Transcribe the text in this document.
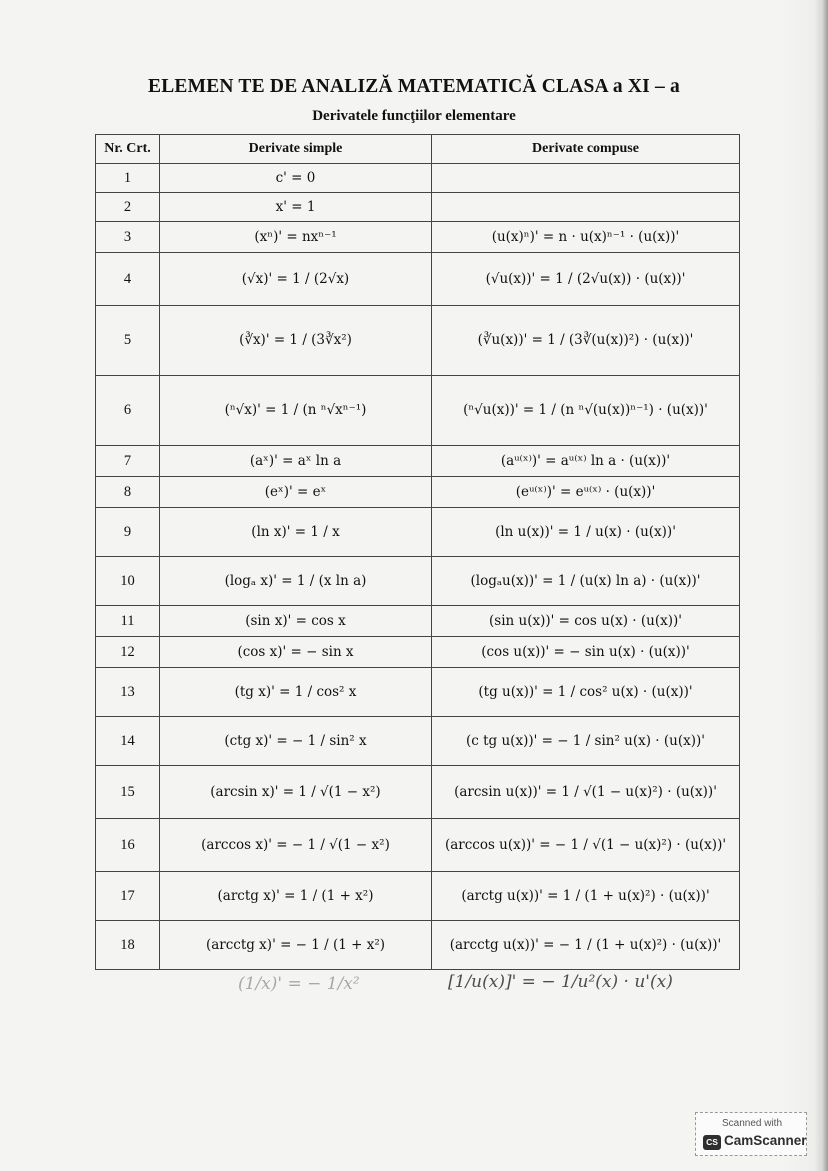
ELEMEN TE DE ANALIZĂ MATEMATICĂ CLASA a XI – a
Derivatele funcţiilor elementare
Nr. Crt.	Derivate simple	Derivate compuse
1	c' = 0	
2	x' = 1	
3	(xⁿ)' = nxⁿ⁻¹	(u(x)ⁿ)' = n · u(x)ⁿ⁻¹ · (u(x))'
4	(√x)' = 1 / (2√x)	(√u(x))' = 1 / (2√u(x)) · (u(x))'
5	(∛x)' = 1 / (3∛x²)	(∛u(x))' = 1 / (3∛(u(x))²) · (u(x))'
6	(ⁿ√x)' = 1 / (n ⁿ√xⁿ⁻¹)	(ⁿ√u(x))' = 1 / (n ⁿ√(u(x))ⁿ⁻¹) · (u(x))'
7	(aˣ)' = aˣ ln a	(aᵘ⁽ˣ⁾)' = aᵘ⁽ˣ⁾ ln a · (u(x))'
8	(eˣ)' = eˣ	(eᵘ⁽ˣ⁾)' = eᵘ⁽ˣ⁾ · (u(x))'
9	(ln x)' = 1 / x	(ln u(x))' = 1 / u(x) · (u(x))'
10	(logₐ x)' = 1 / (x ln a)	(logₐu(x))' = 1 / (u(x) ln a) · (u(x))'
11	(sin x)' = cos x	(sin u(x))' = cos u(x) · (u(x))'
12	(cos x)' = − sin x	(cos u(x))' = − sin u(x) · (u(x))'
13	(tg x)' = 1 / cos² x	(tg u(x))' = 1 / cos² u(x) · (u(x))'
14	(ctg x)' = − 1 / sin² x	(c tg u(x))' = − 1 / sin² u(x) · (u(x))'
15	(arcsin x)' = 1 / √(1 − x²)	(arcsin u(x))' = 1 / √(1 − u(x)²) · (u(x))'
16	(arccos x)' = − 1 / √(1 − x²)	(arccos u(x))' = − 1 / √(1 − u(x)²) · (u(x))'
17	(arctg x)' = 1 / (1 + x²)	(arctg u(x))' = 1 / (1 + u(x)²) · (u(x))'
18	(arcctg x)' = − 1 / (1 + x²)	(arcctg u(x))' = − 1 / (1 + u(x)²) · (u(x))'
(1/x)' = − 1/x²	[1/u(x)]' = − 1/u²(x) · u'(x)
Scanned with
CS CamScanner
